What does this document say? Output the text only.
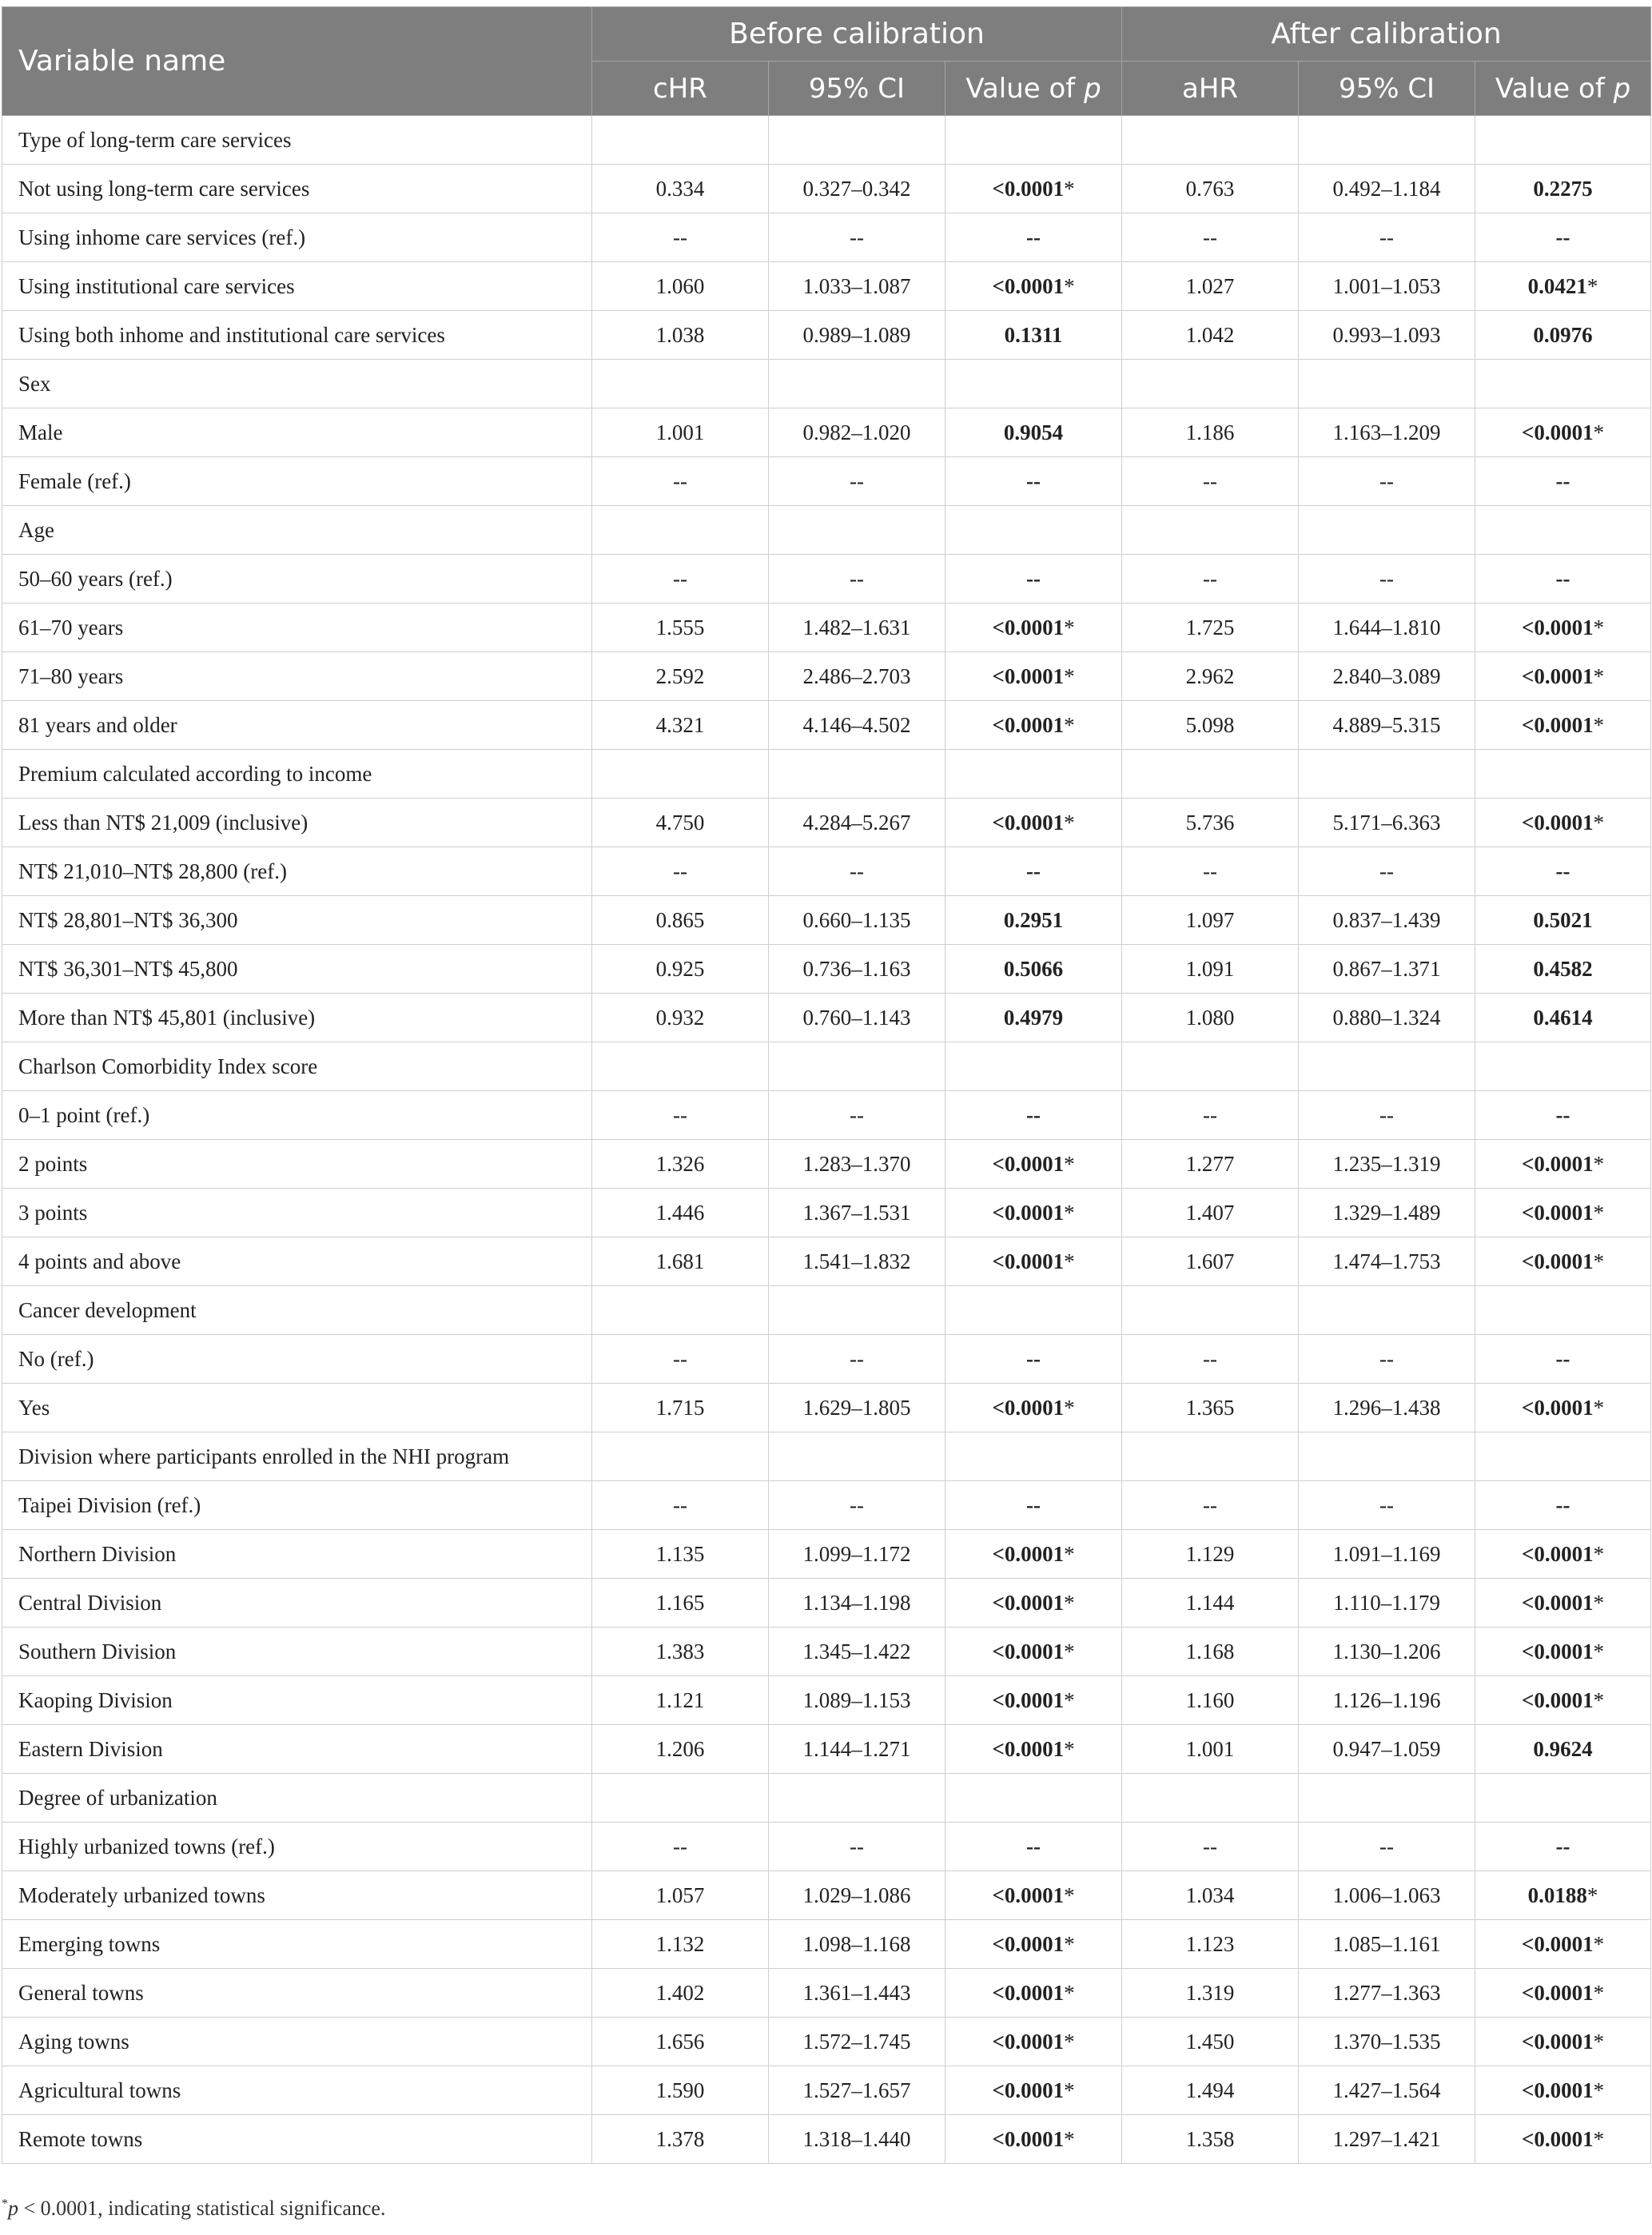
Variable name	Before calibration			After calibration		
	cHR	95% CI	Value of p	aHR	95% CI	Value of p
Type of long-term care services						
Not using long-term care services	0.334	0.327–0.342	<0.0001*	0.763	0.492–1.184	0.2275
Using inhome care services (ref.)	--	--	--	--	--	--
Using institutional care services	1.060	1.033–1.087	<0.0001*	1.027	1.001–1.053	0.0421*
Using both inhome and institutional care services	1.038	0.989–1.089	0.1311	1.042	0.993–1.093	0.0976
Sex						
Male	1.001	0.982–1.020	0.9054	1.186	1.163–1.209	<0.0001*
Female (ref.)	--	--	--	--	--	--
Age						
50–60 years (ref.)	--	--	--	--	--	--
61–70 years	1.555	1.482–1.631	<0.0001*	1.725	1.644–1.810	<0.0001*
71–80 years	2.592	2.486–2.703	<0.0001*	2.962	2.840–3.089	<0.0001*
81 years and older	4.321	4.146–4.502	<0.0001*	5.098	4.889–5.315	<0.0001*
Premium calculated according to income						
Less than NT$ 21,009 (inclusive)	4.750	4.284–5.267	<0.0001*	5.736	5.171–6.363	<0.0001*
NT$ 21,010–NT$ 28,800 (ref.)	--	--	--	--	--	--
NT$ 28,801–NT$ 36,300	0.865	0.660–1.135	0.2951	1.097	0.837–1.439	0.5021
NT$ 36,301–NT$ 45,800	0.925	0.736–1.163	0.5066	1.091	0.867–1.371	0.4582
More than NT$ 45,801 (inclusive)	0.932	0.760–1.143	0.4979	1.080	0.880–1.324	0.4614
Charlson Comorbidity Index score						
0–1 point (ref.)	--	--	--	--	--	--
2 points	1.326	1.283–1.370	<0.0001*	1.277	1.235–1.319	<0.0001*
3 points	1.446	1.367–1.531	<0.0001*	1.407	1.329–1.489	<0.0001*
4 points and above	1.681	1.541–1.832	<0.0001*	1.607	1.474–1.753	<0.0001*
Cancer development						
No (ref.)	--	--	--	--	--	--
Yes	1.715	1.629–1.805	<0.0001*	1.365	1.296–1.438	<0.0001*
Division where participants enrolled in the NHI program						
Taipei Division (ref.)	--	--	--	--	--	--
Northern Division	1.135	1.099–1.172	<0.0001*	1.129	1.091–1.169	<0.0001*
Central Division	1.165	1.134–1.198	<0.0001*	1.144	1.110–1.179	<0.0001*
Southern Division	1.383	1.345–1.422	<0.0001*	1.168	1.130–1.206	<0.0001*
Kaoping Division	1.121	1.089–1.153	<0.0001*	1.160	1.126–1.196	<0.0001*
Eastern Division	1.206	1.144–1.271	<0.0001*	1.001	0.947–1.059	0.9624
Degree of urbanization						
Highly urbanized towns (ref.)	--	--	--	--	--	--
Moderately urbanized towns	1.057	1.029–1.086	<0.0001*	1.034	1.006–1.063	0.0188*
Emerging towns	1.132	1.098–1.168	<0.0001*	1.123	1.085–1.161	<0.0001*
General towns	1.402	1.361–1.443	<0.0001*	1.319	1.277–1.363	<0.0001*
Aging towns	1.656	1.572–1.745	<0.0001*	1.450	1.370–1.535	<0.0001*
Agricultural towns	1.590	1.527–1.657	<0.0001*	1.494	1.427–1.564	<0.0001*
Remote towns	1.378	1.318–1.440	<0.0001*	1.358	1.297–1.421	<0.0001*
*p < 0.0001, indicating statistical significance.
